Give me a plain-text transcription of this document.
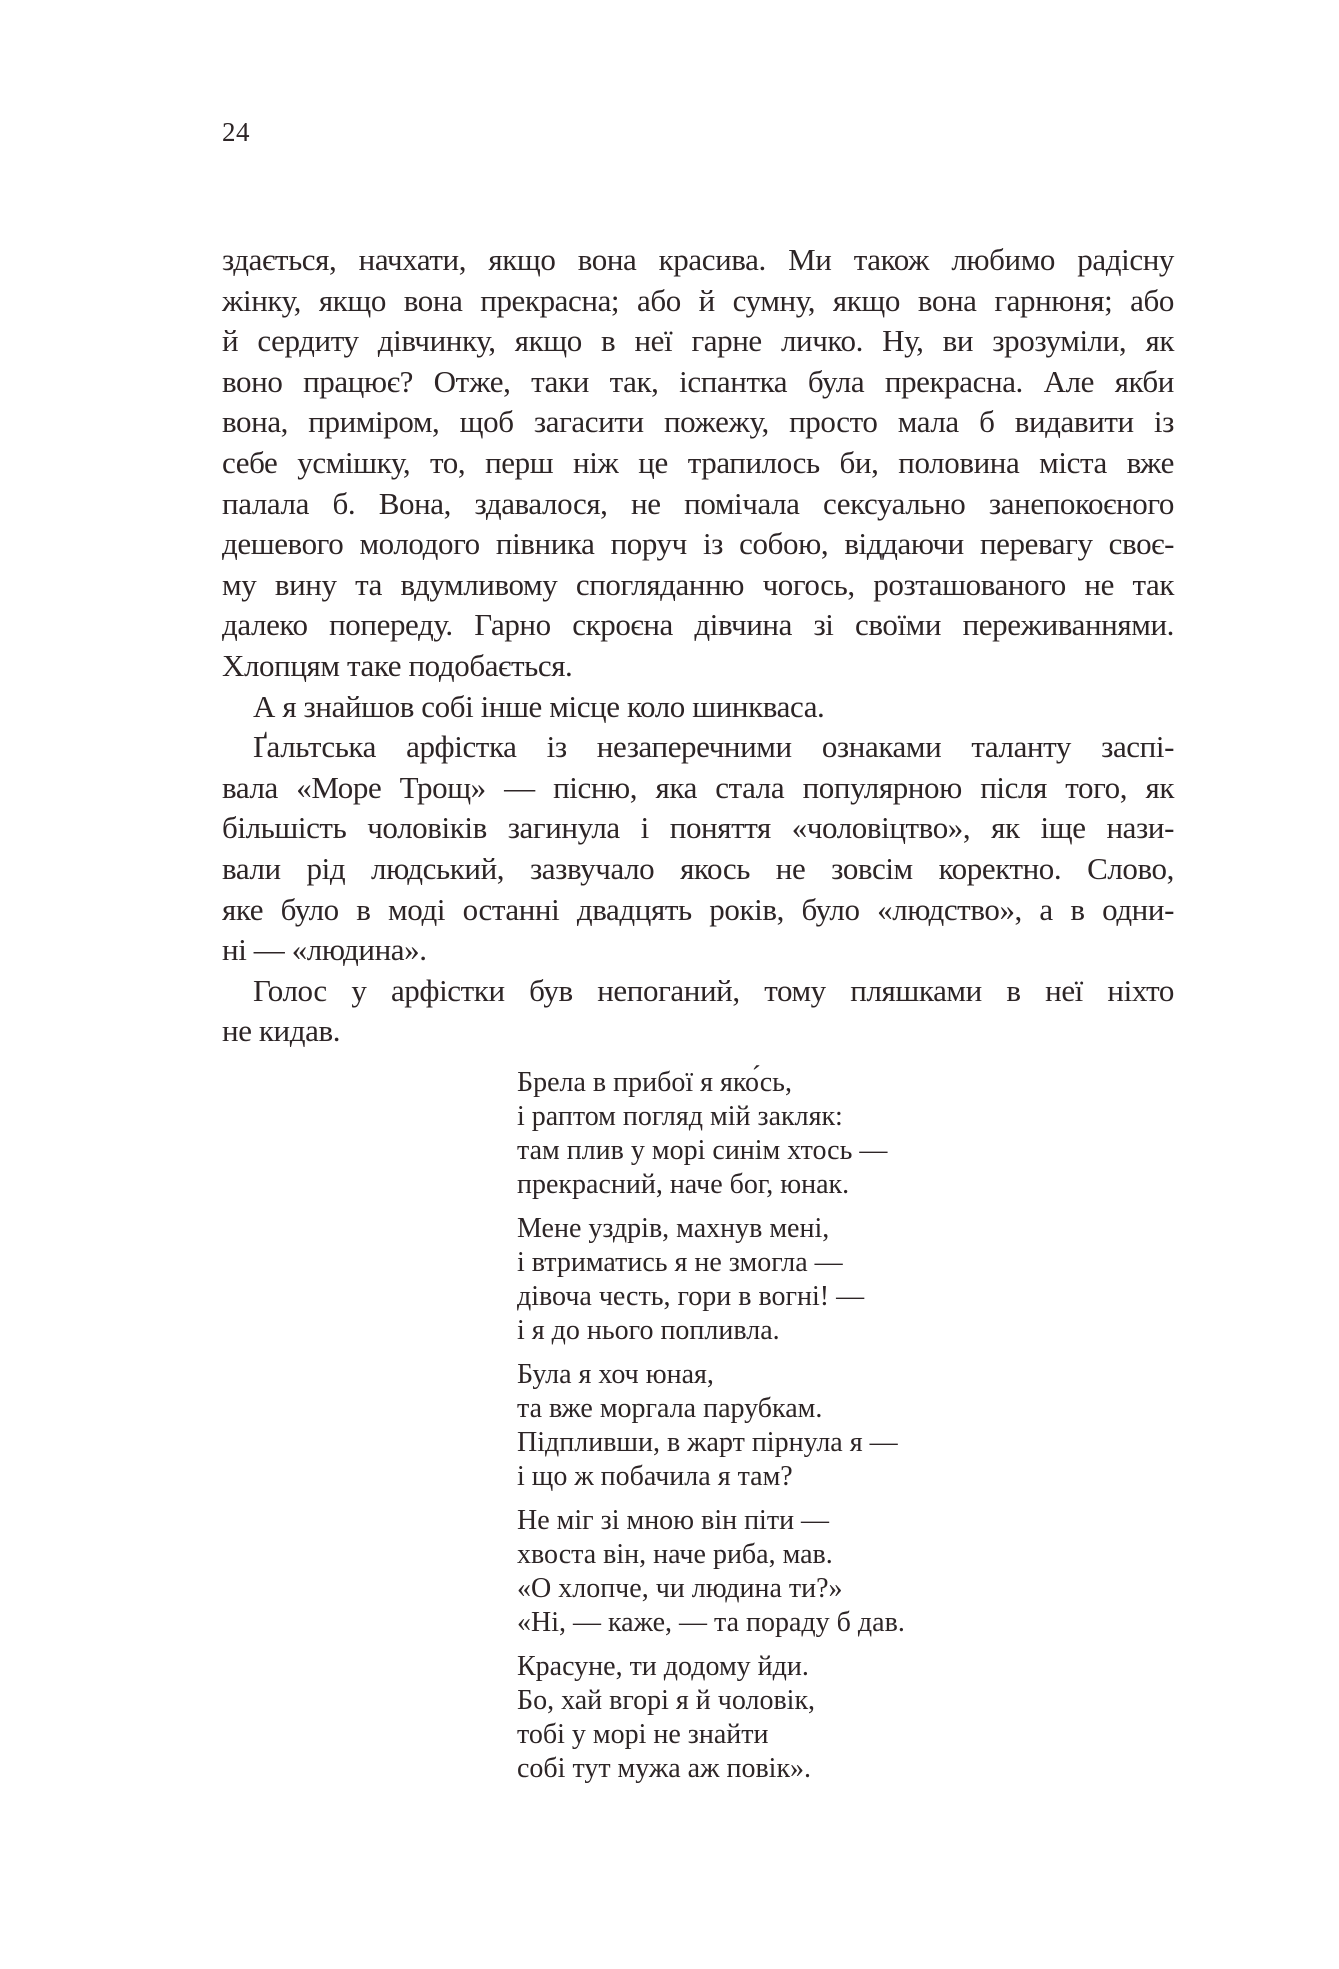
24
здається, начхати, якщо вона красива. Ми також любимо радісну
жінку, якщо вона прекрасна; або й сумну, якщо вона гарнюня; або
й сердиту дівчинку, якщо в неї гарне личко. Ну, ви зрозуміли, як
воно працює? Отже, таки так, іспантка була прекрасна. Але якби
вона, приміром, щоб загасити пожежу, просто мала б видавити із
себе усмішку, то, перш ніж це трапилось би, половина міста вже
палала б. Вона, здавалося, не помічала сексуально занепокоєного
дешевого молодого півника поруч із собою, віддаючи перевагу своє-
му вину та вдумливому спогляданню чогось, розташованого не так
далеко попереду. Гарно скроєна дівчина зі своїми переживаннями.
Хлопцям таке подобається.
А я знайшов собі інше місце коло шинкваса.
Ґальтська арфістка із незаперечними ознаками таланту заспі-
вала «Море Трощ» — пісню, яка стала популярною після того, як
більшість чоловіків загинула і поняття «чоловіцтво», як іще нази-
вали рід людський, зазвучало якось не зовсім коректно. Слово,
яке було в моді останні двадцять років, було «людство», а в одни-
ні — «людина».
Голос у арфістки був непоганий, тому пляшками в неї ніхто
не кидав.
Брела в прибої я яко́сь,
і раптом погляд мій закляк:
там плив у морі синім хтось —
прекрасний, наче бог, юнак.
Мене уздрів, махнув мені,
і втриматись я не змогла —
дівоча честь, гори в вогні! —
і я до нього попливла.
Була я хоч юная,
та вже моргала парубкам.
Підпливши, в жарт пірнула я —
і що ж побачила я там?
Не міг зі мною він піти —
хвоста він, наче риба, мав.
«О хлопче, чи людина ти?»
«Ні, — каже, — та пораду б дав.
Красуне, ти додому йди.
Бо, хай вгорі я й чоловік,
тобі у морі не знайти
собі тут мужа аж повік».
